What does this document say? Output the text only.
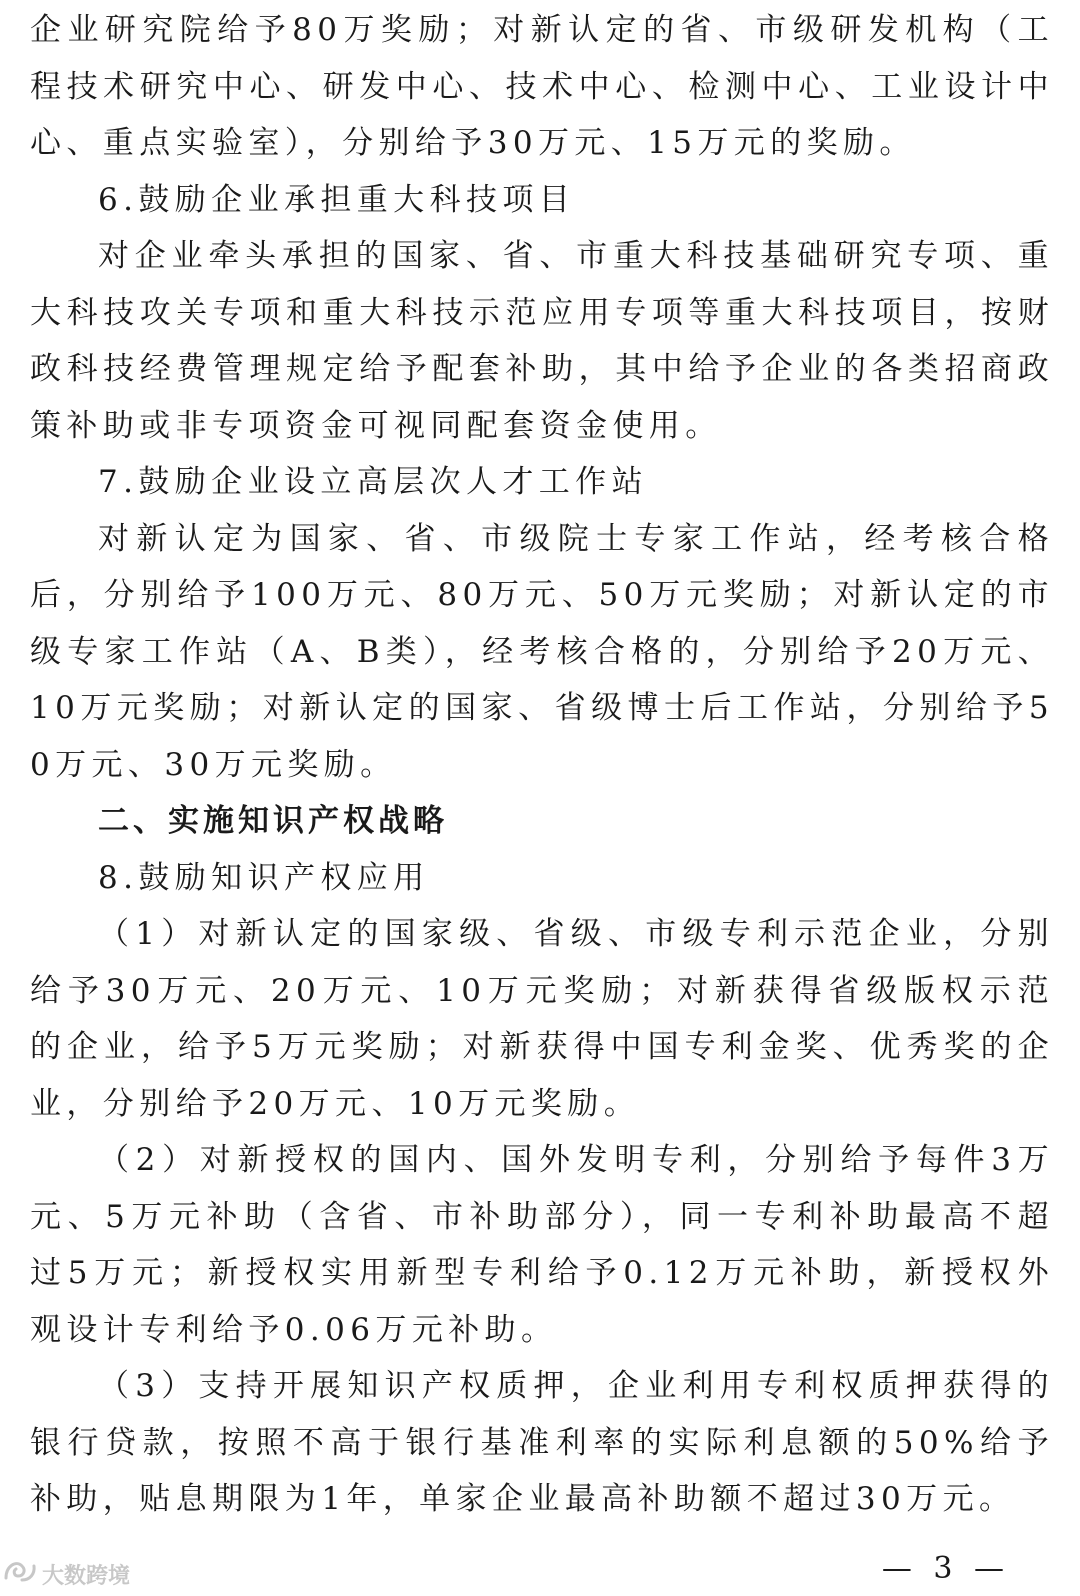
企业研究院给予80万奖励；对新认定的省、市级研发机构（工程技术研究中心、研发中心、技术中心、检测中心、工业设计中心、重点实验室），分别给予30万元、15万元的奖励。

6.鼓励企业承担重大科技项目

对企业牵头承担的国家、省、市重大科技基础研究专项、重大科技攻关专项和重大科技示范应用专项等重大科技项目，按财政科技经费管理规定给予配套补助，其中给予企业的各类招商政策补助或非专项资金可视同配套资金使用。

7.鼓励企业设立高层次人才工作站

对新认定为国家、省、市级院士专家工作站，经考核合格后，分别给予100万元、80万元、50万元奖励；对新认定的市级专家工作站（A、B类），经考核合格的，分别给予20万元、10万元奖励；对新认定的国家、省级博士后工作站，分别给予50万元、30万元奖励。

二、实施知识产权战略

8.鼓励知识产权应用

（1）对新认定的国家级、省级、市级专利示范企业，分别给予30万元、20万元、10万元奖励；对新获得省级版权示范的企业，给予5万元奖励；对新获得中国专利金奖、优秀奖的企业，分别给予20万元、10万元奖励。

（2）对新授权的国内、国外发明专利，分别给予每件3万元、5万元补助（含省、市补助部分），同一专利补助最高不超过5万元；新授权实用新型专利给予0.12万元补助，新授权外观设计专利给予0.06万元补助。

（3）支持开展知识产权质押，企业利用专利权质押获得的银行贷款，按照不高于银行基准利率的实际利息额的50%给予补助，贴息期限为1年，单家企业最高补助额不超过30万元。

— 3 —
大数跨境
